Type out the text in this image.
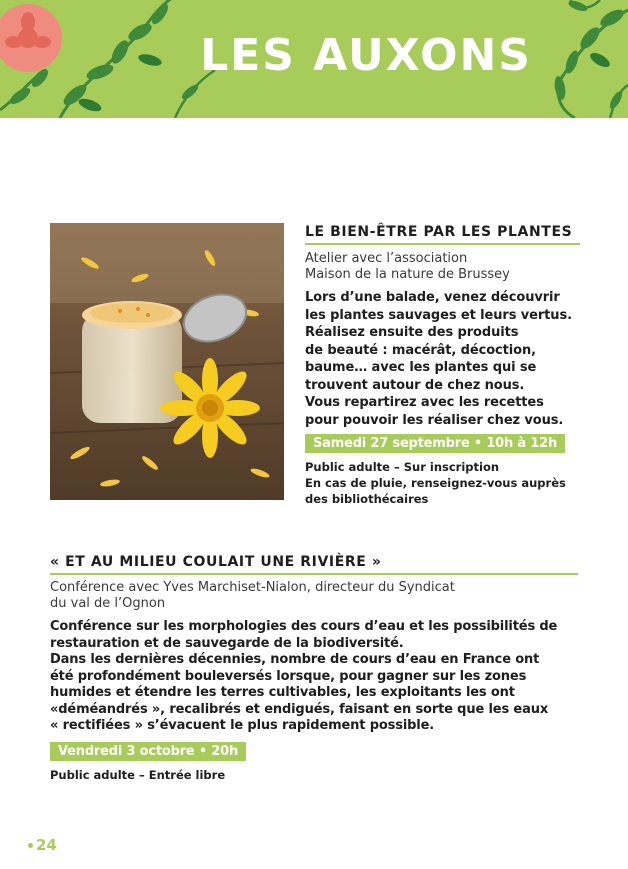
LES AUXONS
LE BIEN-ÊTRE PAR LES PLANTES
Atelier avec l’association
Maison de la nature de Brussey
Lors d’une balade, venez découvrir
les plantes sauvages et leurs vertus.
Réalisez ensuite des produits
de beauté : macérât, décoction,
baume… avec les plantes qui se
trouvent autour de chez nous.
Vous repartirez avec les recettes
pour pouvoir les réaliser chez vous.
Samedi 27 septembre • 10h à 12h
Public adulte – Sur inscription
En cas de pluie, renseignez-vous auprès
des bibliothécaires
« ET AU MILIEU COULAIT UNE RIVIÈRE »
Conférence avec Yves Marchiset-Nialon, directeur du Syndicat
du val de l’Ognon
Conférence sur les morphologies des cours d’eau et les possibilités de
restauration et de sauvegarde de la biodiversité.
Dans les dernières décennies, nombre de cours d’eau en France ont
été profondément bouleversés lorsque, pour gagner sur les zones
humides et étendre les terres cultivables, les exploitants les ont
«déméandrés », recalibrés et endigués, faisant en sorte que les eaux
« rectifiées » s’évacuent le plus rapidement possible.
Vendredi 3 octobre • 20h
Public adulte – Entrée libre
24
